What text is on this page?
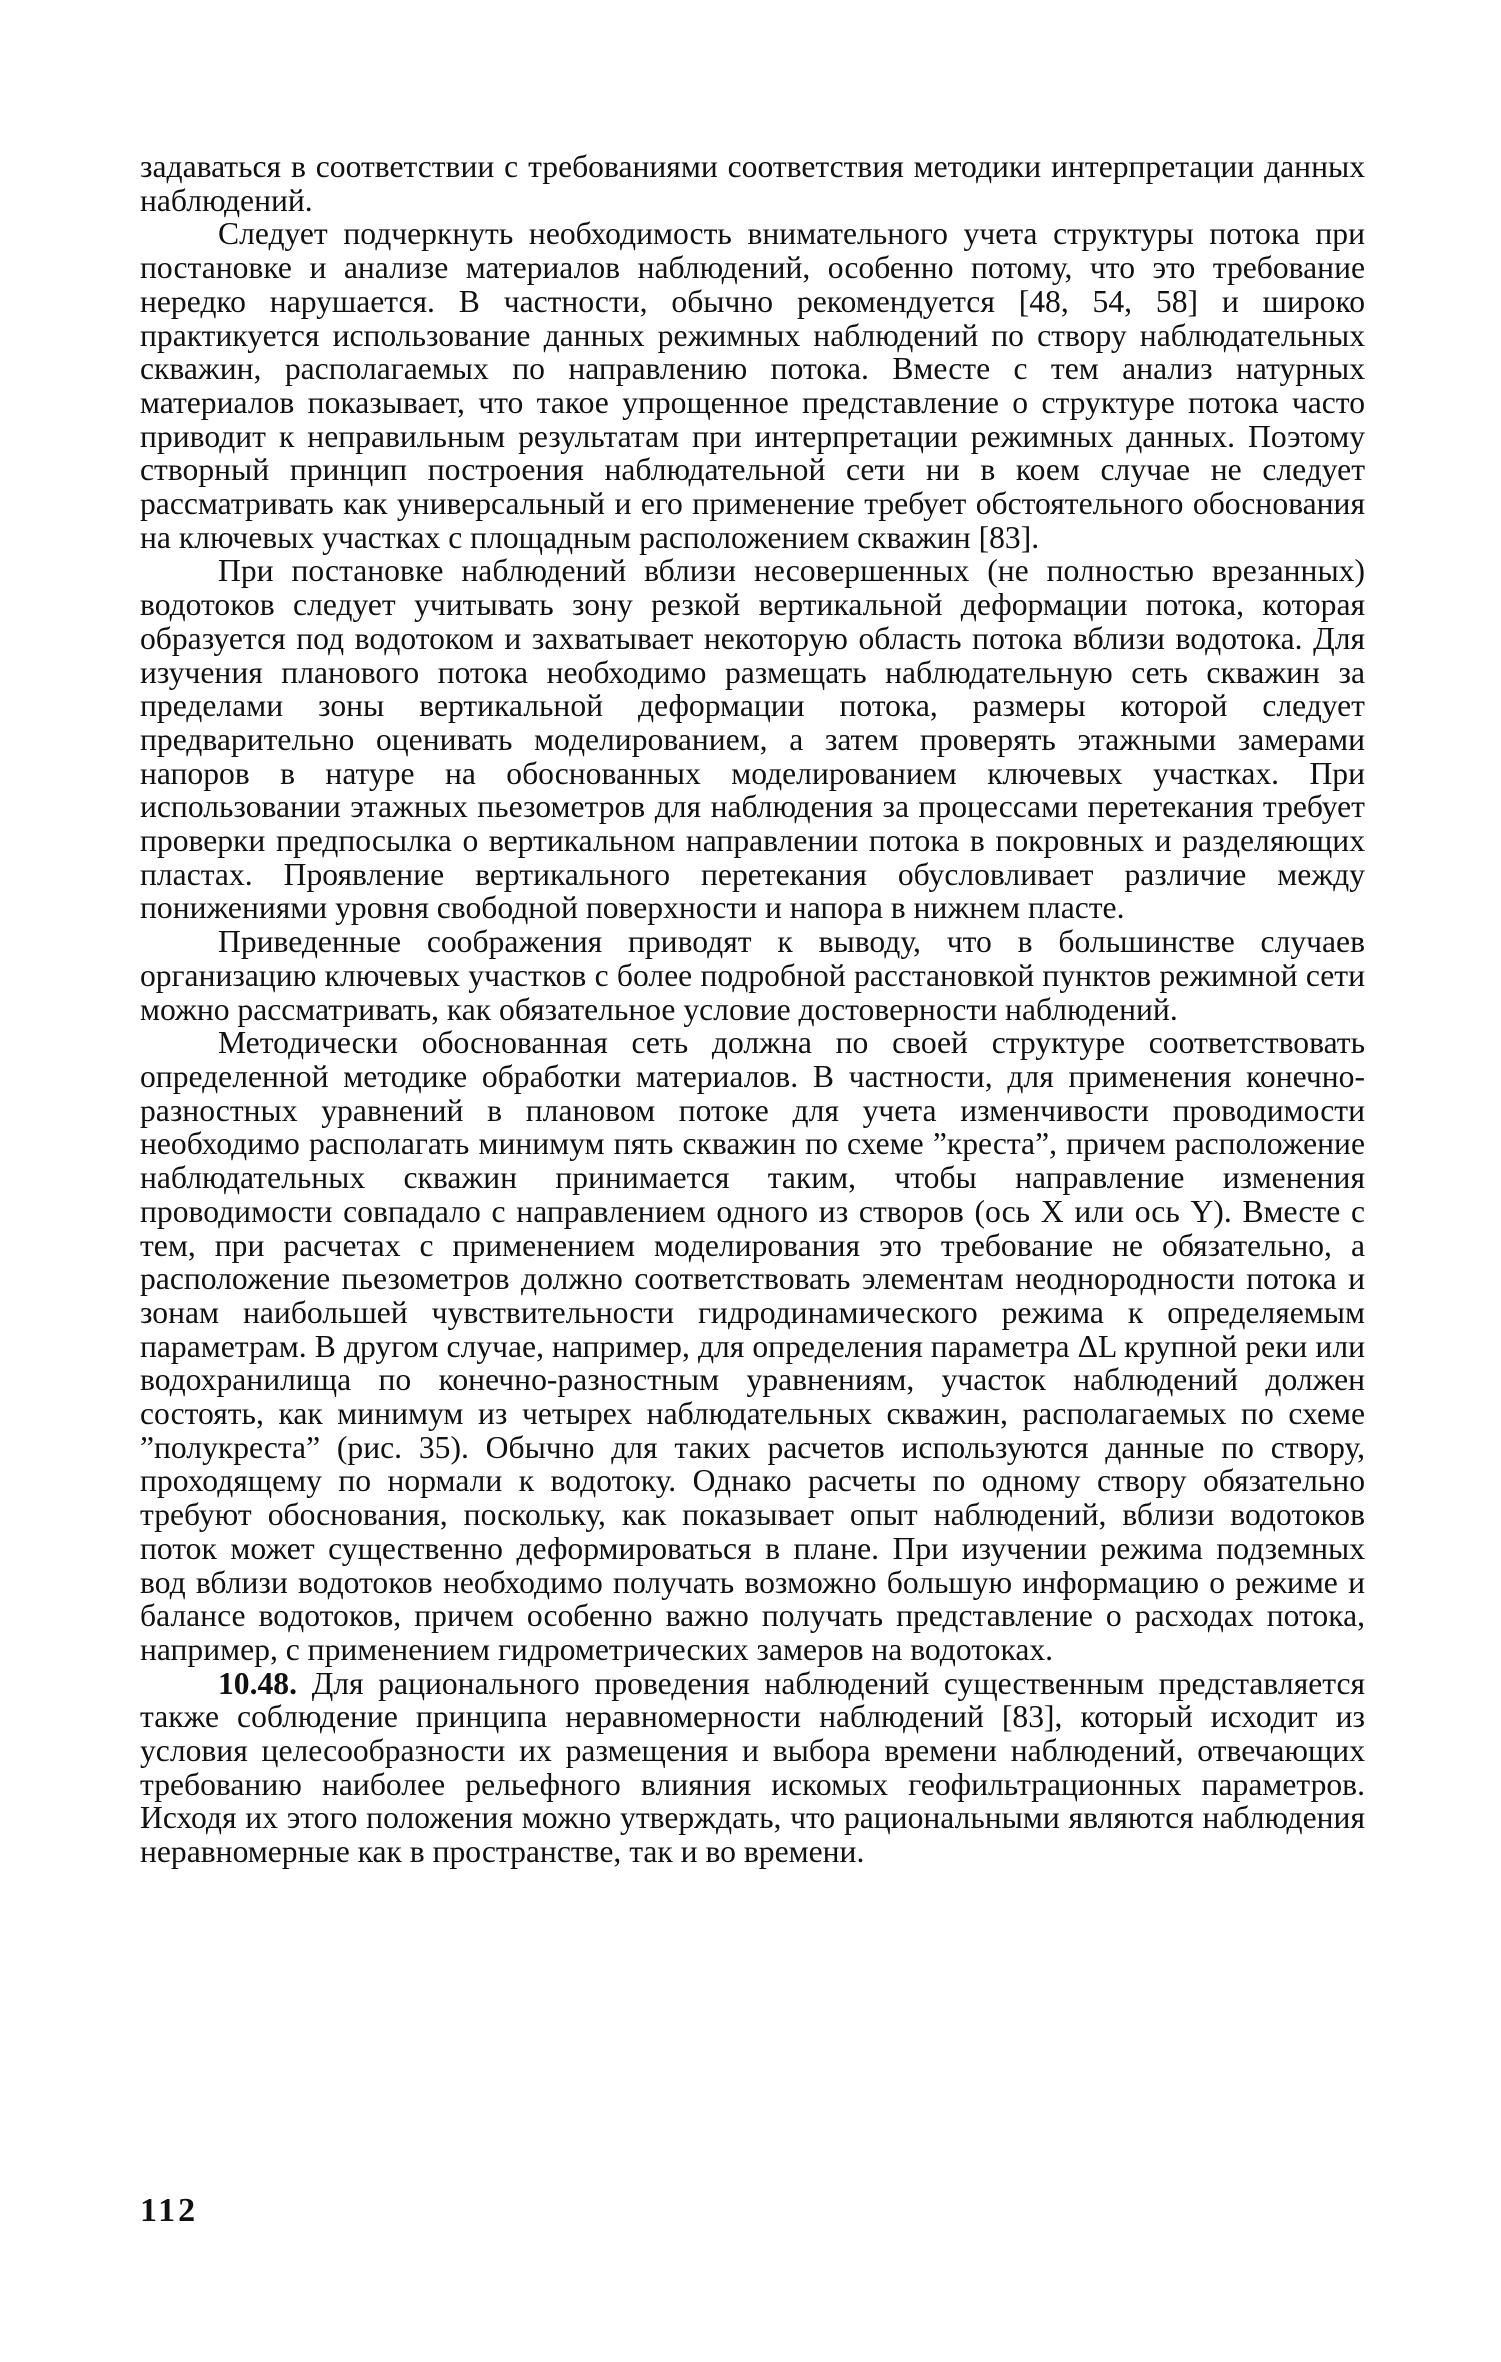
задаваться в соответствии с требованиями соответствия методики интерпретации данных наблюдений.

Следует подчеркнуть необходимость внимательного учета структуры потока при постановке и анализе материалов наблюдений, особенно потому, что это требование нередко нарушается. В частности, обычно рекомендуется [48, 54, 58] и широко практикуется использование данных режимных наблюдений по створу наблюдательных скважин, располагаемых по направлению потока. Вместе с тем анализ натурных материалов показывает, что такое упрощенное представление о структуре потока часто приводит к неправильным результатам при интерпретации режимных данных. Поэтому створный принцип построения наблюдательной сети ни в коем случае не следует рассматривать как универсальный и его применение требует обстоятельного обоснования на ключевых участках с площадным расположением скважин [83].

При постановке наблюдений вблизи несовершенных (не полностью врезанных) водотоков следует учитывать зону резкой вертикальной деформации потока, которая образуется под водотоком и захватывает некоторую область потока вблизи водотока. Для изучения планового потока необходимо размещать наблюдательную сеть скважин за пределами зоны вертикальной деформации потока, размеры которой следует предварительно оценивать моделированием, а затем проверять этажными замерами напоров в натуре на обоснованных моделированием ключевых участках. При использовании этажных пьезометров для наблюдения за процессами перетекания требует проверки предпосылка о вертикальном направлении потока в покровных и разделяющих пластах. Проявление вертикального перетекания обусловливает различие между понижениями уровня свободной поверхности и напора в нижнем пласте.

Приведенные соображения приводят к выводу, что в большинстве случаев организацию ключевых участков с более подробной расстановкой пунктов режимной сети можно рассматривать, как обязательное условие достоверности наблюдений.

Методически обоснованная сеть должна по своей структуре соответствовать определенной методике обработки материалов. В частности, для применения конечно-разностных уравнений в плановом потоке для учета изменчивости проводимости необходимо располагать минимум пять скважин по схеме ”креста”, причем расположение наблюдательных скважин принимается таким, чтобы направление изменения проводимости совпадало с направлением одного из створов (ось X или ось Y). Вместе с тем, при расчетах с применением моделирования это требование не обязательно, а расположение пьезометров должно соответствовать элементам неоднородности потока и зонам наибольшей чувствительности гидродинамического режима к определяемым параметрам. В другом случае, например, для определения параметра ΔL крупной реки или водохранилища по конечно-разностным уравнениям, участок наблюдений должен состоять, как минимум из четырех наблюдательных скважин, располагаемых по схеме ”полукреста” (рис. 35). Обычно для таких расчетов используются данные по створу, проходящему по нормали к водотоку. Однако расчеты по одному створу обязательно требуют обоснования, поскольку, как показывает опыт наблюдений, вблизи водотоков поток может существенно деформироваться в плане. При изучении режима подземных вод вблизи водотоков необходимо получать возможно большую информацию о режиме и балансе водотоков, причем особенно важно получать представление о расходах потока, например, с применением гидрометрических замеров на водотоках.

10.48. Для рационального проведения наблюдений существенным представляется также соблюдение принципа неравномерности наблюдений [83], который исходит из условия целесообразности их размещения и выбора времени наблюдений, отвечающих требованию наиболее рельефного влияния искомых геофильтрационных параметров. Исходя их этого положения можно утверждать, что рациональными являются наблюдения неравномерные как в пространстве, так и во времени.

112
